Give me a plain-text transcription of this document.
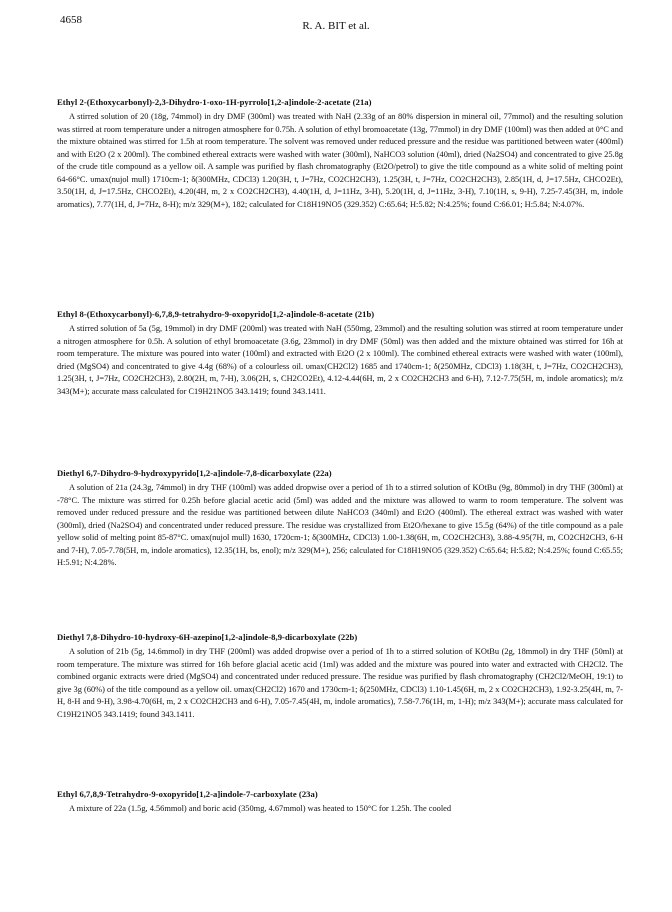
4658	R. A. BIT et al.
Ethyl 2-(Ethoxycarbonyl)-2,3-Dihydro-1-oxo-1H-pyrrolo[1,2-a]indole-2-acetate (21a)

A stirred solution of 20 (18g, 74mmol) in dry DMF (300ml) was treated with NaH (2.33g of an 80% dispersion in mineral oil, 77mmol) and the resulting solution was stirred at room temperature under a nitrogen atmosphere for 0.75h. A solution of ethyl bromoacetate (13g, 77mmol) in dry DMF (100ml) was then added at 0°C and the mixture obtained was stirred for 1.5h at room temperature. The solvent was removed under reduced pressure and the residue was partitioned between water (400ml) and with Et2O (2 x 200ml). The combined ethereal extracts were washed with water (300ml), NaHCO3 solution (40ml), dried (Na2SO4) and concentrated to give 25.8g of the crude title compound as a yellow oil. A sample was purified by flash chromatography (Et2O/petrol) to give the title compound as a white solid of melting point 64-66°C. υmax(nujol mull) 1710cm-1; δ(300MHz, CDCl3) 1.20(3H, t, J=7Hz, CO2CH2CH3), 1.25(3H, t, J=7Hz, CO2CH2CH3), 2.85(1H, d, J=17.5Hz, CHCO2Et), 3.50(1H, d, J=17.5Hz, CHCO2Et), 4.20(4H, m, 2 x CO2CH2CH3), 4.40(1H, d, J=11Hz, 3-H), 5.20(1H, d, J=11Hz, 3-H), 7.10(1H, s, 9-H), 7.25-7.45(3H, m, indole aromatics), 7.77(1H, d, J=7Hz, 8-H); m/z 329(M+), 182; calculated for C18H19NO5 (329.352) C:65.64; H:5.82; N:4.25%; found C:66.01; H:5.84; N:4.07%.

Ethyl 8-(Ethoxycarbonyl)-6,7,8,9-tetrahydro-9-oxopyrido[1,2-a]indole-8-acetate (21b)

A stirred solution of 5a (5g, 19mmol) in dry DMF (200ml) was treated with NaH (550mg, 23mmol) and the resulting solution was stirred at room temperature under a nitrogen atmosphere for 0.5h. A solution of ethyl bromoacetate (3.6g, 23mmol) in dry DMF (50ml) was then added and the mixture obtained was stirred for 16h at room temperature. The mixture was poured into water (100ml) and extracted with Et2O (2 x 100ml). The combined ethereal extracts were washed with water (100ml), dried (MgSO4) and concentrated to give 4.4g (68%) of a colourless oil. υmax(CH2Cl2) 1685 and 1740cm-1; δ(250MHz, CDCl3) 1.18(3H, t, J=7Hz, CO2CH2CH3), 1.25(3H, t, J=7Hz, CO2CH2CH3), 2.80(2H, m, 7-H), 3.06(2H, s, CH2CO2Et), 4.12-4.44(6H, m, 2 x CO2CH2CH3 and 6-H), 7.12-7.75(5H, m, indole aromatics); m/z 343(M+); accurate mass calculated for C19H21NO5 343.1419; found 343.1411.

Diethyl 6,7-Dihydro-9-hydroxypyrido[1,2-a]indole-7,8-dicarboxylate (22a)

A solution of 21a (24.3g, 74mmol) in dry THF (100ml) was added dropwise over a period of 1h to a stirred solution of KOtBu (9g, 80mmol) in dry THF (300ml) at -78°C. The mixture was stirred for 0.25h before glacial acetic acid (5ml) was added and the mixture was allowed to warm to room temperature. The solvent was removed under reduced pressure and the residue was partitioned between dilute NaHCO3 (340ml) and Et2O (400ml). The ethereal extract was washed with water (300ml), dried (Na2SO4) and concentrated under reduced pressure. The residue was crystallized from Et2O/hexane to give 15.5g (64%) of the title compound as a pale yellow solid of melting point 85-87°C. υmax(nujol mull) 1630, 1720cm-1; δ(300MHz, CDCl3) 1.00-1.38(6H, m, CO2CH2CH3), 3.88-4.95(7H, m, CO2CH2CH3, 6-H and 7-H), 7.05-7.78(5H, m, indole aromatics), 12.35(1H, bs, enol); m/z 329(M+), 256; calculated for C18H19NO5 (329.352) C:65.64; H:5.82; N:4.25%; found C:65.55; H:5.91; N:4.28%.

Diethyl 7,8-Dihydro-10-hydroxy-6H-azepino[1,2-a]indole-8,9-dicarboxylate (22b)

A solution of 21b (5g, 14.6mmol) in dry THF (200ml) was added dropwise over a period of 1h to a stirred solution of KOtBu (2g, 18mmol) in dry THF (50ml) at room temperature. The mixture was stirred for 16h before glacial acetic acid (1ml) was added and the mixture was poured into water and extracted with CH2Cl2. The combined organic extracts were dried (MgSO4) and concentrated under reduced pressure. The residue was purified by flash chromatography (CH2Cl2/MeOH, 19:1) to give 3g (60%) of the title compound as a yellow oil. υmax(CH2Cl2) 1670 and 1730cm-1; δ(250MHz, CDCl3) 1.10-1.45(6H, m, 2 x CO2CH2CH3), 1.92-3.25(4H, m, 7-H, 8-H and 9-H), 3.98-4.70(6H, m, 2 x CO2CH2CH3 and 6-H), 7.05-7.45(4H, m, indole aromatics), 7.58-7.76(1H, m, 1-H); m/z 343(M+); accurate mass calculated for C19H21NO5 343.1419; found 343.1411.

Ethyl 6,7,8,9-Tetrahydro-9-oxopyrido[1,2-a]indole-7-carboxylate (23a)

A mixture of 22a (1.5g, 4.56mmol) and boric acid (350mg, 4.67mmol) was heated to 150°C for 1.25h. The cooled
